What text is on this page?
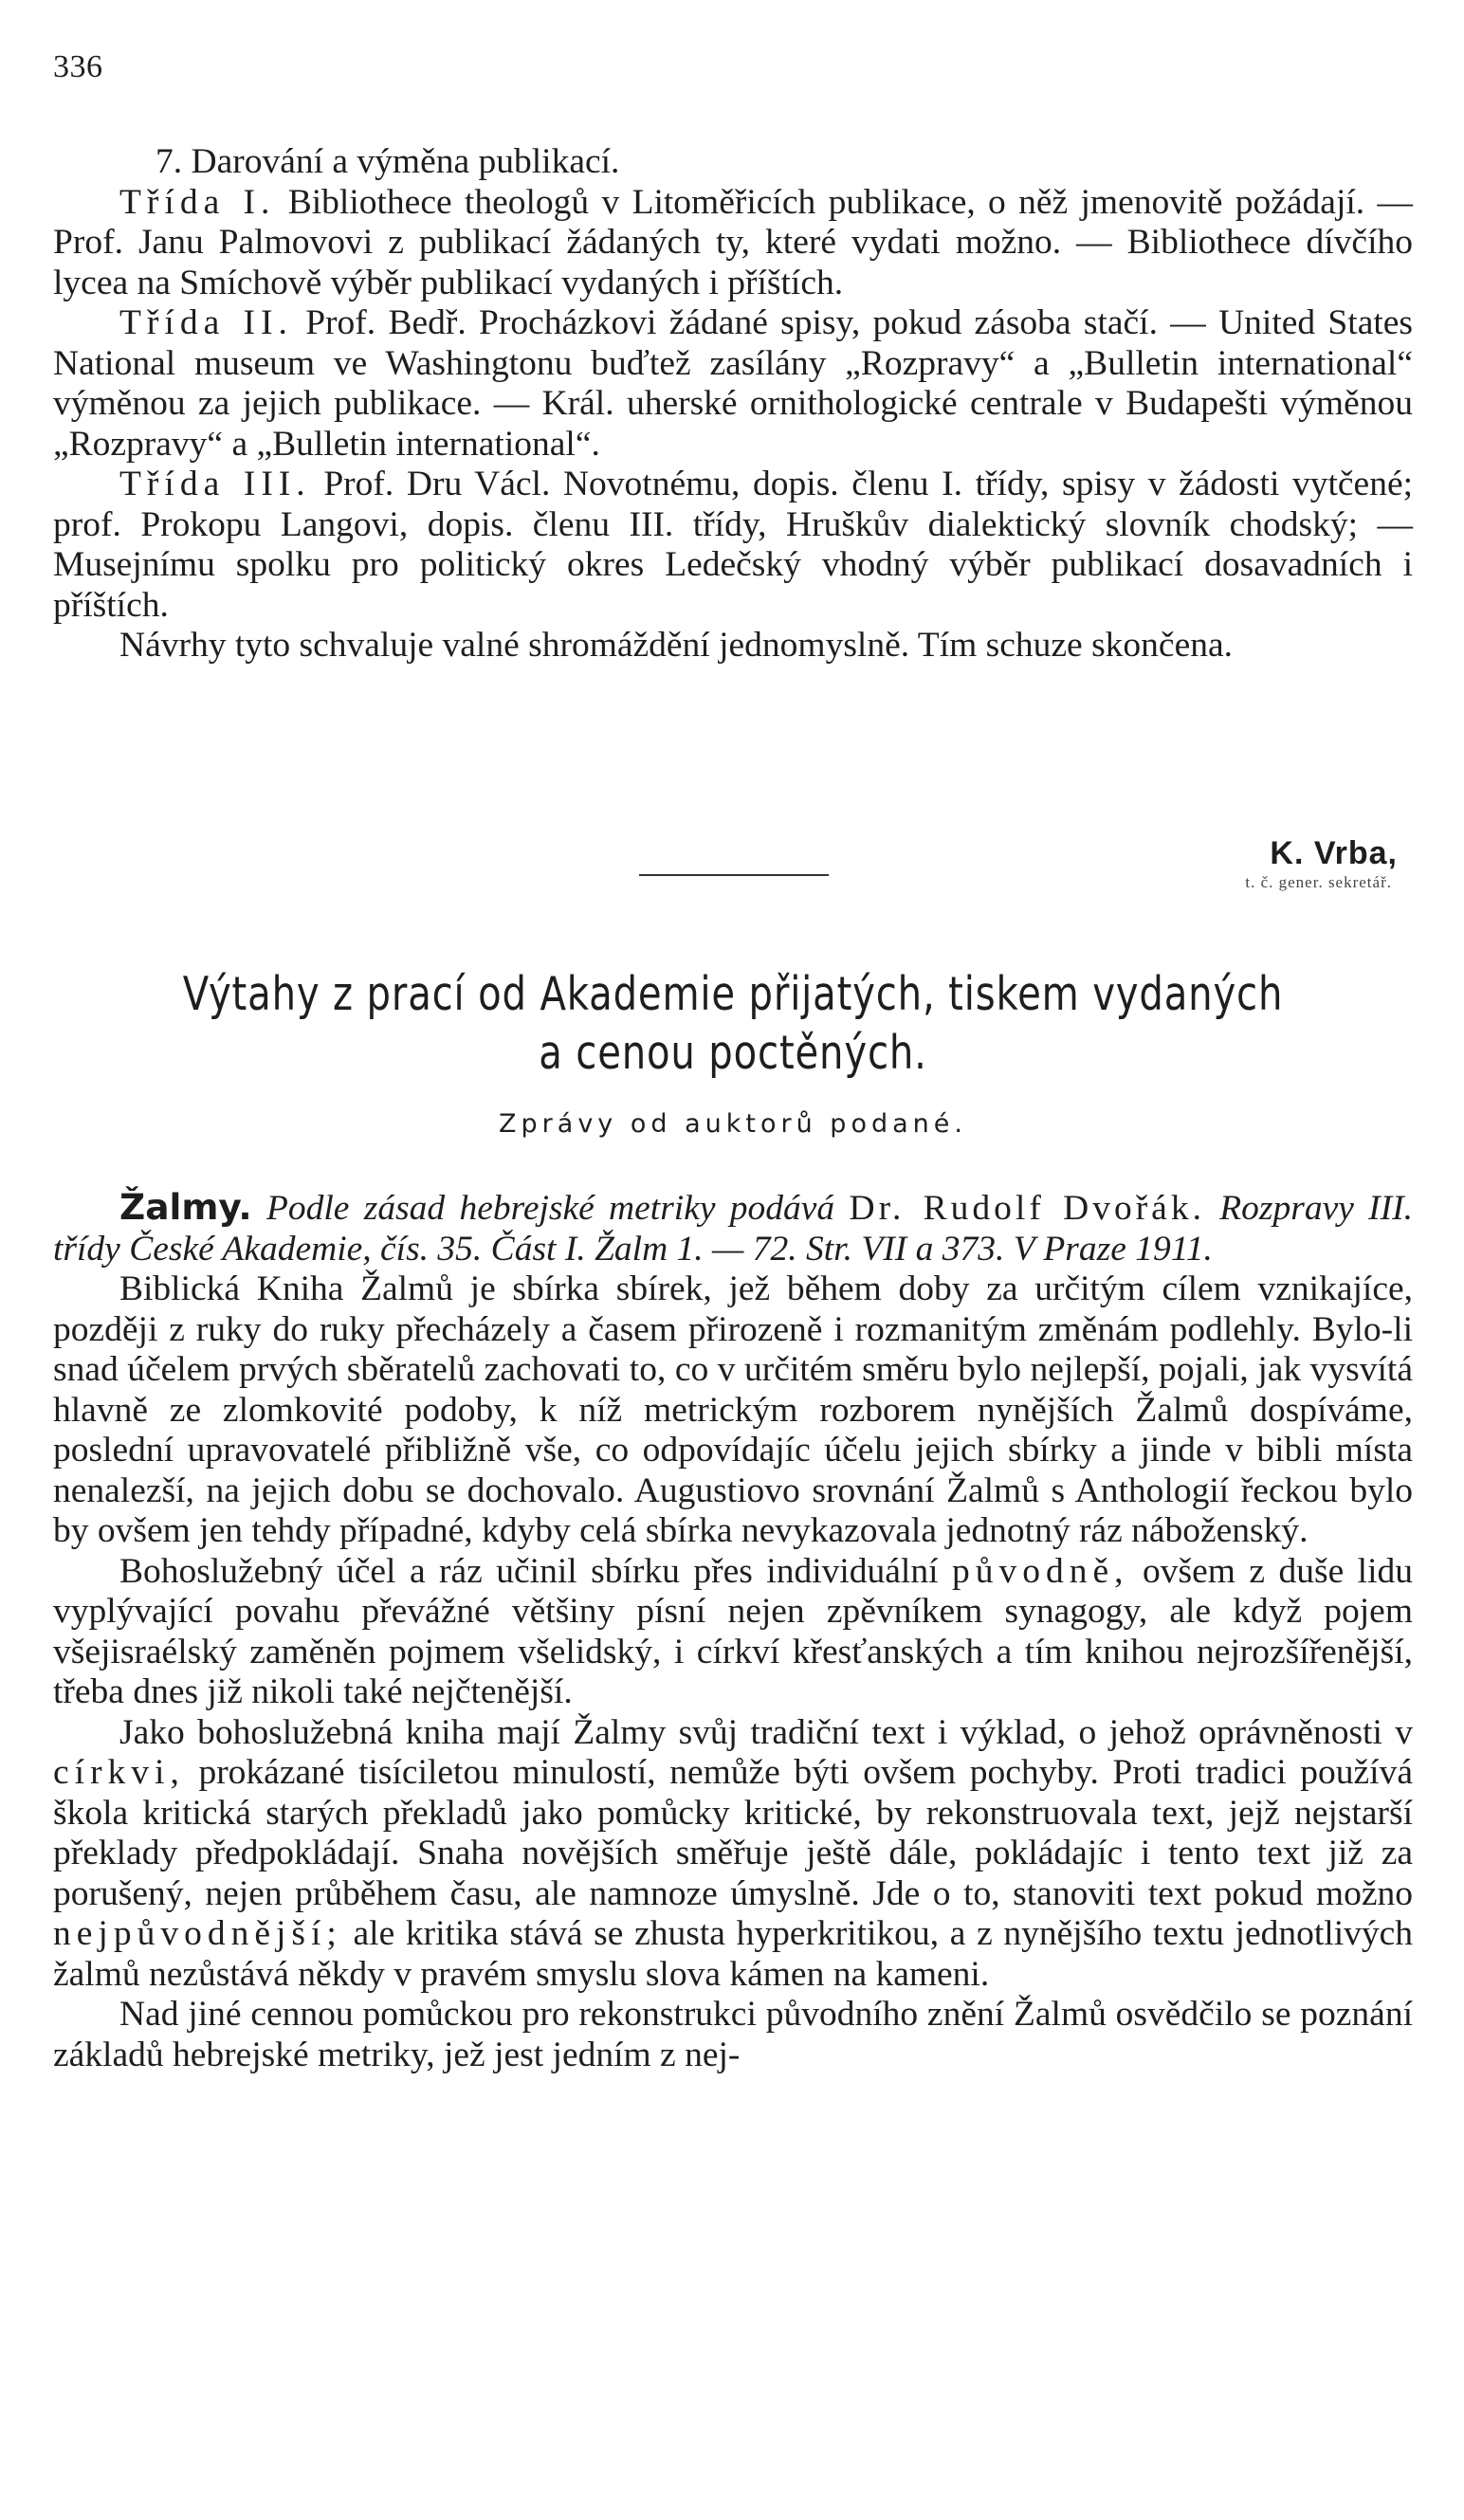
336

7. Darování a výměna publikací.

Třída I. Bibliothece theologů v Litoměřicích publikace, o něž jmenovitě požádají. — Prof. Janu Palmovovi z publikací žádaných ty, které vydati možno. — Bibliothece dívčího lycea na Smíchově výběr publikací vydaných i příštích.

Třída II. Prof. Bedř. Procházkovi žádané spisy, pokud zásoba stačí. — United States National museum ve Washingtonu buďtež zasílány „Rozpravy“ a „Bulletin international“ výměnou za jejich publikace. — Král. uherské ornithologické centrale v Budapešti výměnou „Rozpravy“ a „Bulletin international“.

Třída III. Prof. Dru Václ. Novotnému, dopis. členu I. třídy, spisy v žádosti vytčené; prof. Prokopu Langovi, dopis. členu III. třídy, Hruškův dialektický slovník chodský; — Musejnímu spolku pro politický okres Ledečský vhodný výběr publikací dosavadních i příštích.

Návrhy tyto schvaluje valné shromáždění jednomyslně. Tím schuze skončena.

K. Vrba,
t. č. gener. sekretář.
Výtahy z prací od Akademie přijatých, tiskem vydaných
a cenou poctěných.
Zprávy od auktorů podané.

Žalmy. Podle zásad hebrejské metriky podává Dr. Rudolf Dvořák. Rozpravy III. třídy České Akademie, čís. 35. Část I. Žalm 1. — 72. Str. VII a 373. V Praze 1911.

Biblická Kniha Žalmů je sbírka sbírek, jež během doby za určitým cílem vznikajíce, později z ruky do ruky přecházely a časem přirozeně i rozmanitým změnám podlehly. Bylo-li snad účelem prvých sběratelů zachovati to, co v určitém směru bylo nejlepší, pojali, jak vysvítá hlavně ze zlomkovité podoby, k níž metrickým rozborem nynějších Žalmů dospíváme, poslední upravovatelé přibližně vše, co odpovídajíc účelu jejich sbírky a jinde v bibli místa nenalezší, na jejich dobu se dochovalo. Augustiovo srovnání Žalmů s Anthologií řeckou bylo by ovšem jen tehdy případné, kdyby celá sbírka nevykazovala jednotný ráz náboženský.

Bohoslužebný účel a ráz učinil sbírku přes individuální původně, ovšem z duše lidu vyplývající povahu převážné většiny písní nejen zpěvníkem synagogy, ale když pojem všejisraélský zaměněn pojmem všelidský, i církví křesťanských a tím knihou nejrozšířenější, třeba dnes již nikoli také nejčtenější.

Jako bohoslužebná kniha mají Žalmy svůj tradiční text i výklad, o jehož oprávněnosti v církvi, prokázané tisíciletou minulostí, nemůže býti ovšem pochyby. Proti tradici používá škola kritická starých překladů jako pomůcky kritické, by rekonstruovala text, jejž nejstarší překlady předpokládají. Snaha novějších směřuje ještě dále, pokládajíc i tento text již za porušený, nejen průběhem času, ale namnoze úmyslně. Jde o to, stanoviti text pokud možno nejpůvodnější; ale kritika stává se zhusta hyperkritikou, a z nynějšího textu jednotlivých žalmů nezůstává někdy v pravém smyslu slova kámen na kameni.

Nad jiné cennou pomůckou pro rekonstrukci původního znění Žalmů osvědčilo se poznání základů hebrejské metriky, jež jest jedním z nej-
